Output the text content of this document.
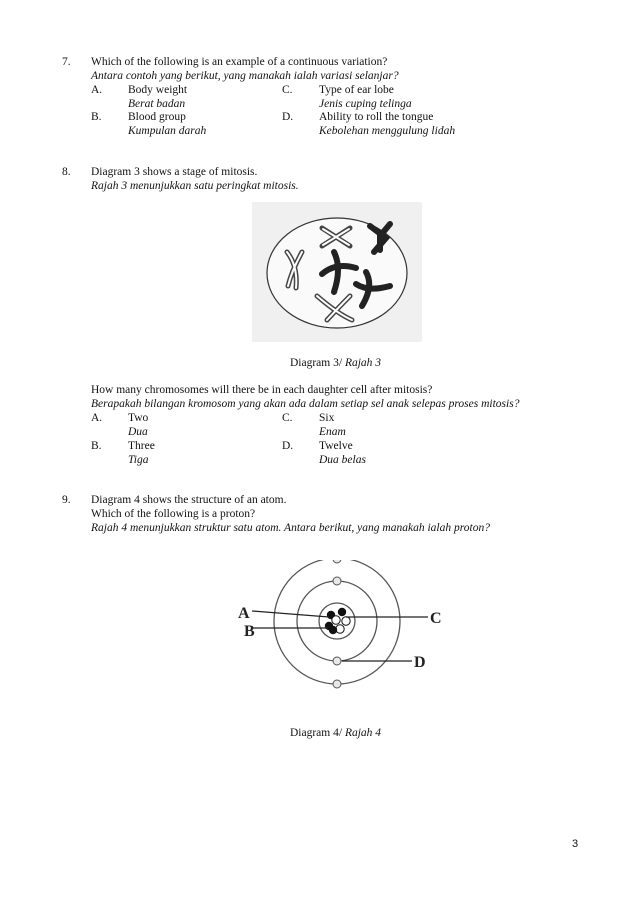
7. Which of the following is an example of a continuous variation?
Antara contoh yang berikut, yang manakah ialah variasi selanjar?
A. Body weight
Berat badan
C. Type of ear lobe
Jenis cuping telinga
B. Blood group
Kumpulan darah
D. Ability to roll the tongue
Kebolehan menggulung lidah
8. Diagram 3 shows a stage of mitosis.
Rajah 3 menunjukkan satu peringkat mitosis.
Diagram 3/ Rajah 3
How many chromosomes will there be in each daughter cell after mitosis?
Berapakah bilangan kromosom yang akan ada dalam setiap sel anak selepas proses mitosis?
A. Two
Dua
C. Six
Enam
B. Three
Tiga
D. Twelve
Dua belas
9. Diagram 4 shows the structure of an atom.
Which of the following is a proton?
Rajah 4 menunjukkan struktur satu atom. Antara berikut, yang manakah ialah proton?
A
B
C
D
Diagram 4/ Rajah 4
3
